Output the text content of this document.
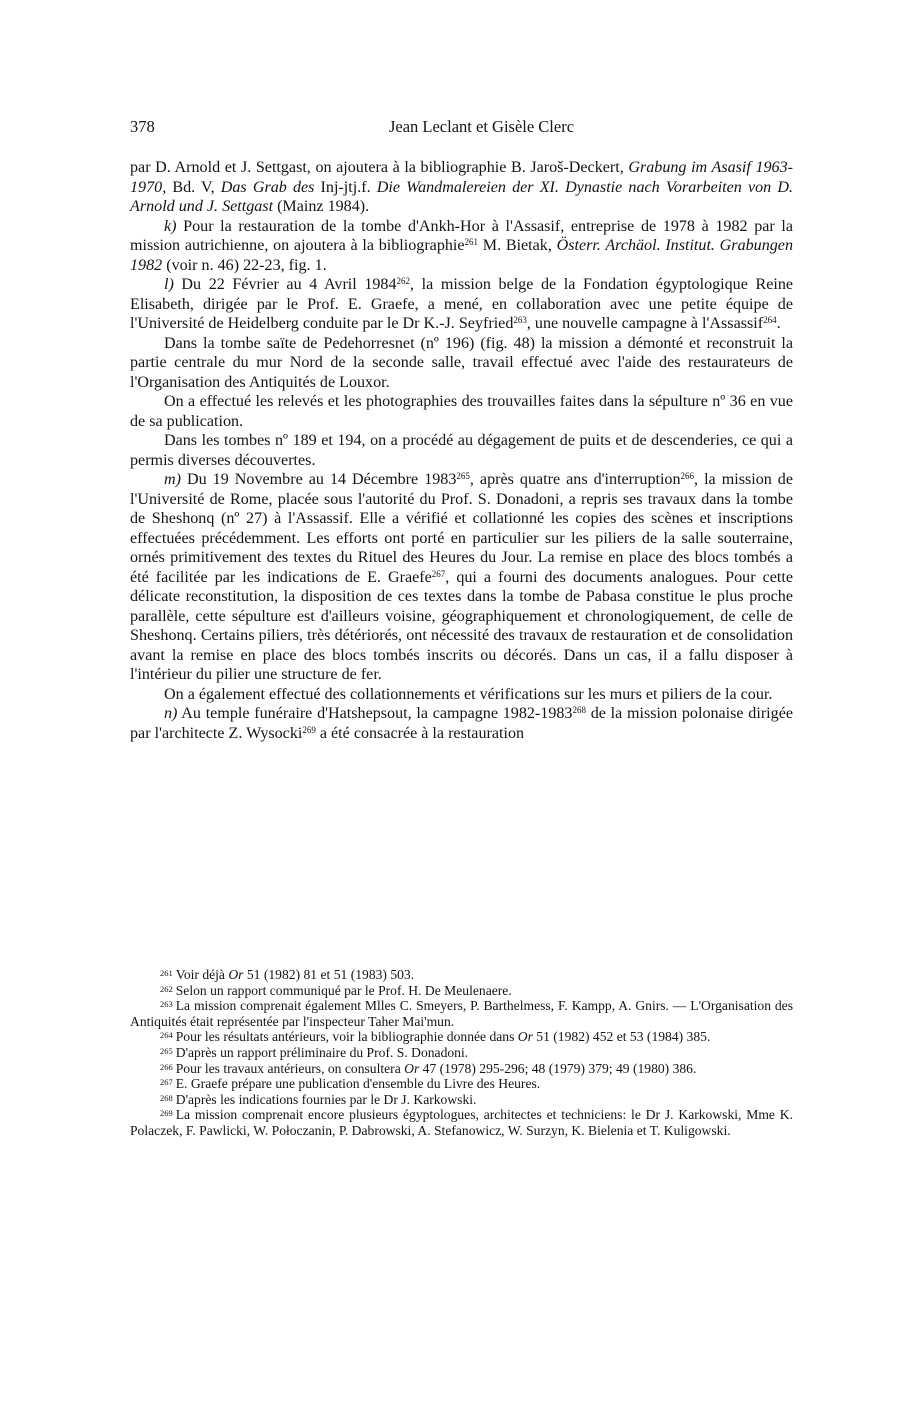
378	Jean Leclant et Gisèle Clerc

par D. Arnold et J. Settgast, on ajoutera à la bibliographie B. Jaroš-Deckert, Grabung im Asasif 1963-1970, Bd. V, Das Grab des Inj-jtj.f. Die Wandmalereien der XI. Dynastie nach Vorarbeiten von D. Arnold und J. Settgast (Mainz 1984).

k) Pour la restauration de la tombe d'Ankh-Hor à l'Assasif, entreprise de 1978 à 1982 par la mission autrichienne, on ajoutera à la bibliographie$^{261}$ M. Bietak, Österr. Archäol. Institut. Grabungen 1982 (voir n. 46) 22-23, fig. 1.

l) Du 22 Février au 4 Avril 1984$^{262}$, la mission belge de la Fondation égyptologique Reine Elisabeth, dirigée par le Prof. E. Graefe, a mené, en collaboration avec une petite équipe de l'Université de Heidelberg conduite par le Dr K.-J. Seyfried$^{263}$, une nouvelle campagne à l'Assassif$^{264}$.

Dans la tombe saïte de Pedehorresnet (nº 196) (fig. 48) la mission a démonté et reconstruit la partie centrale du mur Nord de la seconde salle, travail effectué avec l'aide des restaurateurs de l'Organisation des Antiquités de Louxor.

On a effectué les relevés et les photographies des trouvailles faites dans la sépulture nº 36 en vue de sa publication.

Dans les tombes nº 189 et 194, on a procédé au dégagement de puits et de descenderies, ce qui a permis diverses découvertes.

m) Du 19 Novembre au 14 Décembre 1983$^{265}$, après quatre ans d'interruption$^{266}$, la mission de l'Université de Rome, placée sous l'autorité du Prof. S. Donadoni, a repris ses travaux dans la tombe de Sheshonq (nº 27) à l'Assassif. Elle a vérifié et collationné les copies des scènes et inscriptions effectuées précédemment. Les efforts ont porté en particulier sur les piliers de la salle souterraine, ornés primitivement des textes du Rituel des Heures du Jour. La remise en place des blocs tombés a été facilitée par les indications de E. Graefe$^{267}$, qui a fourni des documents analogues. Pour cette délicate reconstitution, la disposition de ces textes dans la tombe de Pabasa constitue le plus proche parallèle, cette sépulture est d'ailleurs voisine, géographiquement et chronologiquement, de celle de Sheshonq. Certains piliers, très détériorés, ont nécessité des travaux de restauration et de consolidation avant la remise en place des blocs tombés inscrits ou décorés. Dans un cas, il a fallu disposer à l'intérieur du pilier une structure de fer.

On a également effectué des collationnements et vérifications sur les murs et piliers de la cour.

n) Au temple funéraire d'Hatshepsout, la campagne 1982-1983$^{268}$ de la mission polonaise dirigée par l'architecte Z. Wysocki$^{269}$ a été consacrée à la restauration

$^{261}$ Voir déjà Or 51 (1982) 81 et 51 (1983) 503.

$^{262}$ Selon un rapport communiqué par le Prof. H. De Meulenaere.

$^{263}$ La mission comprenait également Mlles C. Smeyers, P. Barthelmess, F. Kampp, A. Gnirs. — L'Organisation des Antiquités était représentée par l'inspecteur Taher Mai'mun.

$^{264}$ Pour les résultats antérieurs, voir la bibliographie donnée dans Or 51 (1982) 452 et 53 (1984) 385.

$^{265}$ D'après un rapport préliminaire du Prof. S. Donadoni.

$^{266}$ Pour les travaux antérieurs, on consultera Or 47 (1978) 295-296; 48 (1979) 379; 49 (1980) 386.

$^{267}$ E. Graefe prépare une publication d'ensemble du Livre des Heures.

$^{268}$ D'après les indications fournies par le Dr J. Karkowski.

$^{269}$ La mission comprenait encore plusieurs égyptologues, architectes et techniciens: le Dr J. Karkowski, Mme K. Polaczek, F. Pawlicki, W. Połoczanin, P. Dabrowski, A. Stefanowicz, W. Surzyn, K. Bielenia et T. Kuligowski.
